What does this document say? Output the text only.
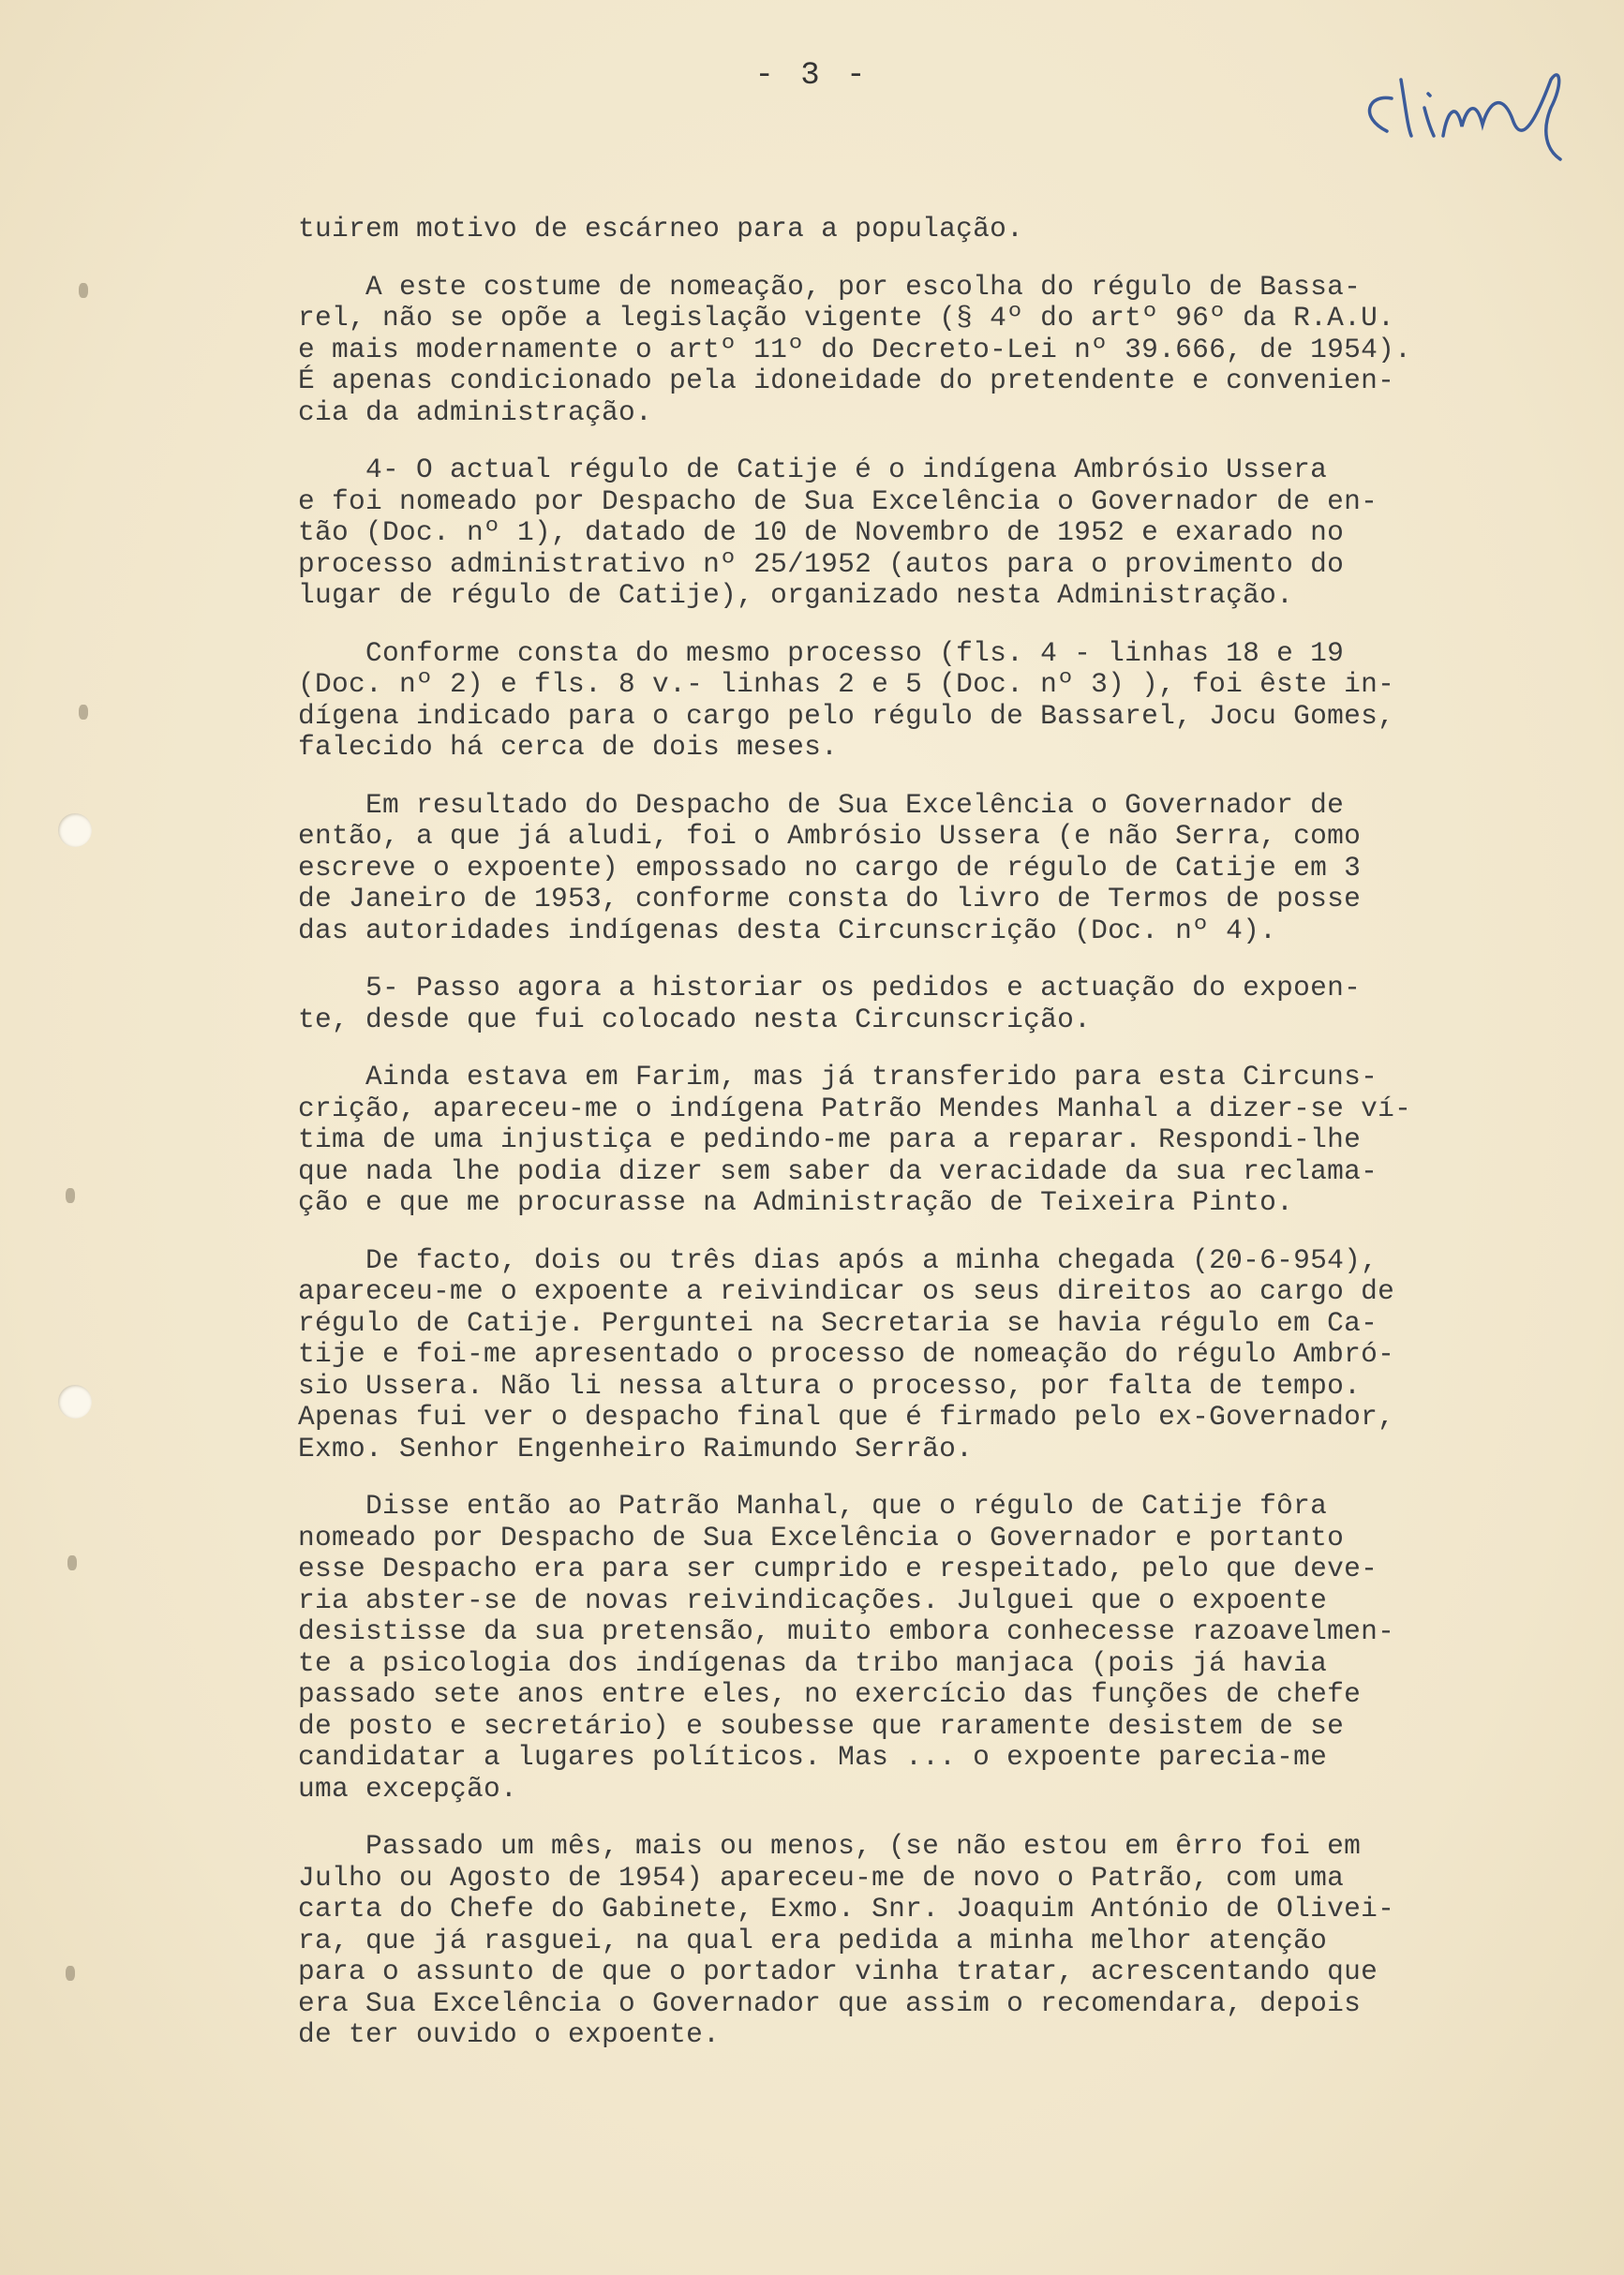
- 3 -
tuirem motivo de escárneo para a população.
A este costume de nomeação, por escolha do régulo de Bassa-
rel, não se opõe a legislação vigente (§ 4º do artº 96º da R.A.U.
e mais modernamente o artº 11º do Decreto-Lei nº 39.666, de 1954).
É apenas condicionado pela idoneidade do pretendente e convenien-
cia da administração.
4- O actual régulo de Catije é o indígena Ambrósio Ussera
e foi nomeado por Despacho de Sua Excelência o Governador de en-
tão (Doc. nº 1), datado de 10 de Novembro de 1952 e exarado no
processo administrativo nº 25/1952 (autos para o provimento do
lugar de régulo de Catije), organizado nesta Administração.
Conforme consta do mesmo processo (fls. 4 - linhas 18 e 19
(Doc. nº 2) e fls. 8 v.- linhas 2 e 5 (Doc. nº 3) ), foi êste in-
dígena indicado para o cargo pelo régulo de Bassarel, Jocu Gomes,
falecido há cerca de dois meses.
Em resultado do Despacho de Sua Excelência o Governador de
então, a que já aludi, foi o Ambrósio Ussera (e não Serra, como
escreve o expoente) empossado no cargo de régulo de Catije em 3
de Janeiro de 1953, conforme consta do livro de Termos de posse
das autoridades indígenas desta Circunscrição (Doc. nº 4).
5- Passo agora a historiar os pedidos e actuação do expoen-
te, desde que fui colocado nesta Circunscrição.
Ainda estava em Farim, mas já transferido para esta Circuns-
crição, apareceu-me o indígena Patrão Mendes Manhal a dizer-se ví-
tima de uma injustiça e pedindo-me para a reparar. Respondi-lhe
que nada lhe podia dizer sem saber da veracidade da sua reclama-
ção e que me procurasse na Administração de Teixeira Pinto.
De facto, dois ou três dias após a minha chegada (20-6-954),
apareceu-me o expoente a reivindicar os seus direitos ao cargo de
régulo de Catije. Perguntei na Secretaria se havia régulo em Ca-
tije e foi-me apresentado o processo de nomeação do régulo Ambró-
sio Ussera. Não li nessa altura o processo, por falta de tempo.
Apenas fui ver o despacho final que é firmado pelo ex-Governador,
Exmo. Senhor Engenheiro Raimundo Serrão.
Disse então ao Patrão Manhal, que o régulo de Catije fôra
nomeado por Despacho de Sua Excelência o Governador e portanto
esse Despacho era para ser cumprido e respeitado, pelo que deve-
ria abster-se de novas reivindicações. Julguei que o expoente
desistisse da sua pretensão, muito embora conhecesse razoavelmen-
te a psicologia dos indígenas da tribo manjaca (pois já havia
passado sete anos entre eles, no exercício das funções de chefe
de posto e secretário) e soubesse que raramente desistem de se
candidatar a lugares políticos. Mas ... o expoente parecia-me
uma excepção.
Passado um mês, mais ou menos, (se não estou em êrro foi em
Julho ou Agosto de 1954) apareceu-me de novo o Patrão, com uma
carta do Chefe do Gabinete, Exmo. Snr. Joaquim António de Olivei-
ra, que já rasguei, na qual era pedida a minha melhor atenção
para o assunto de que o portador vinha tratar, acrescentando que
era Sua Excelência o Governador que assim o recomendara, depois
de ter ouvido o expoente.
